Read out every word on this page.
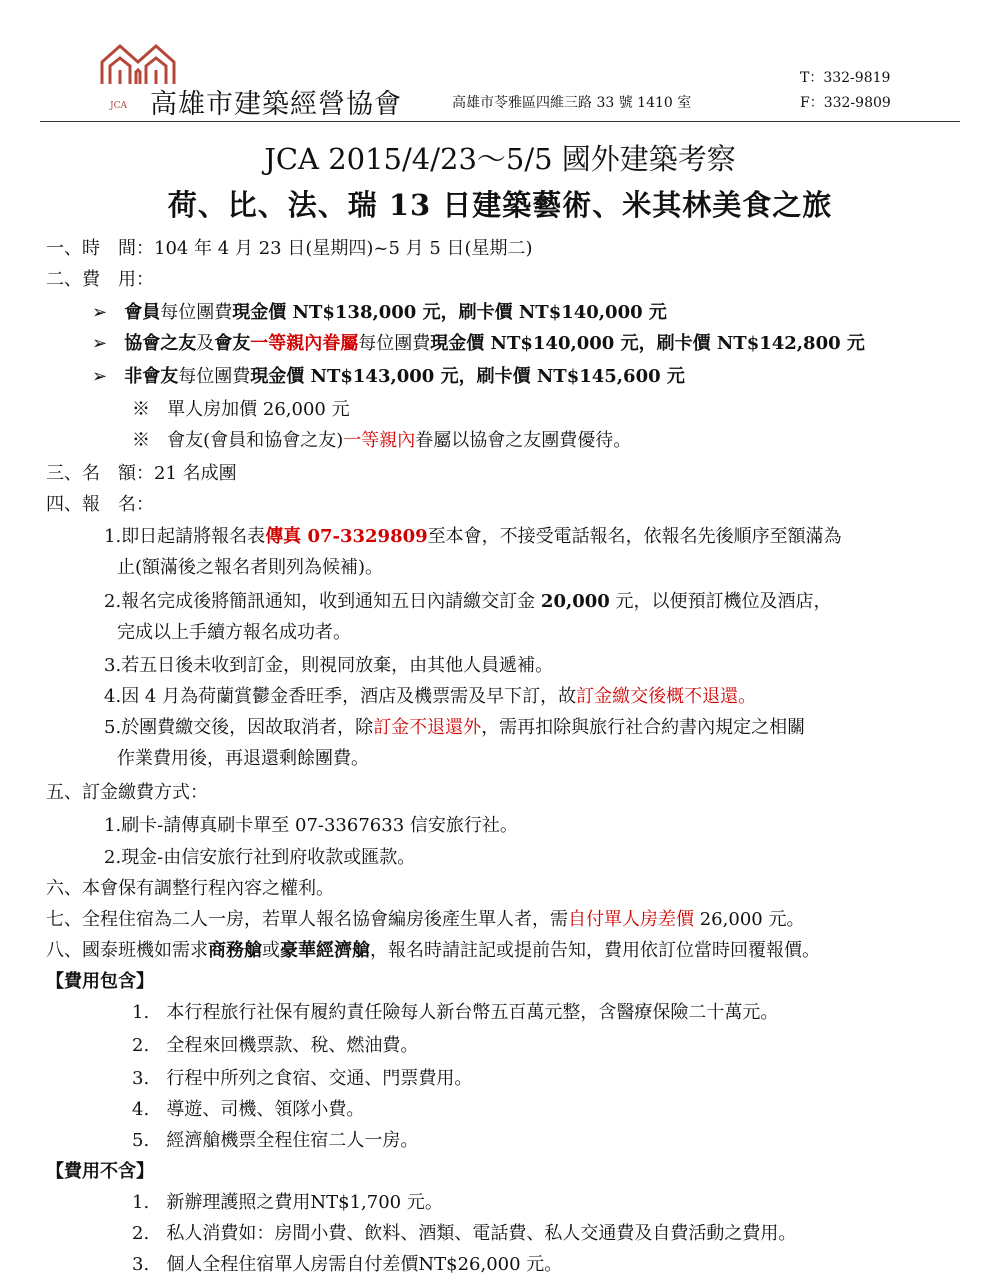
JCA 高雄市建築經營協會	高雄市苓雅區四維三路 33 號 1410 室
T：332-9819
F：332-9809
JCA 2015/4/23～5/5 國外建築考察
荷、比、法、瑞 13 日建築藝術、米其林美食之旅
一、時　間：104 年 4 月 23 日(星期四)~5 月 5 日(星期二)
二、費　用：
➢ 會員每位團費現金價 NT$138,000 元，刷卡價 NT$140,000 元
➢ 協會之友及會友一等親內眷屬每位團費現金價 NT$140,000 元，刷卡價 NT$142,800 元
➢ 非會友每位團費現金價 NT$143,000 元，刷卡價 NT$145,600 元
※ 單人房加價 26,000 元
※ 會友(會員和協會之友)一等親內眷屬以協會之友團費優待。
三、名　額：21 名成團
四、報　名：
1.即日起請將報名表傳真 07-3329809至本會，不接受電話報名，依報名先後順序至額滿為
止(額滿後之報名者則列為候補)。
2.報名完成後將簡訊通知，收到通知五日內請繳交訂金 20,000 元，以便預訂機位及酒店，
完成以上手續方報名成功者。
3.若五日後未收到訂金，則視同放棄，由其他人員遞補。
4.因 4 月為荷蘭賞鬱金香旺季，酒店及機票需及早下訂，故訂金繳交後概不退還。
5.於團費繳交後，因故取消者，除訂金不退還外，需再扣除與旅行社合約書內規定之相關
作業費用後，再退還剩餘團費。
五、訂金繳費方式：
1.刷卡-請傳真刷卡單至 07-3367633 信安旅行社。
2.現金-由信安旅行社到府收款或匯款。
六、本會保有調整行程內容之權利。
七、全程住宿為二人一房，若單人報名協會編房後產生單人者，需自付單人房差價 26,000 元。
八、國泰班機如需求商務艙或豪華經濟艙，報名時請註記或提前告知，費用依訂位當時回覆報價。
【費用包含】
1. 本行程旅行社保有履約責任險每人新台幣五百萬元整，含醫療保險二十萬元。
2. 全程來回機票款、稅、燃油費。
3. 行程中所列之食宿、交通、門票費用。
4. 導遊、司機、領隊小費。
5. 經濟艙機票全程住宿二人一房。
【費用不含】
1. 新辦理護照之費用NT$1,700 元。
2. 私人消費如：房間小費、飲料、酒類、電話費、私人交通費及自費活動之費用。
3. 個人全程住宿單人房需自付差價NT$26,000 元。
